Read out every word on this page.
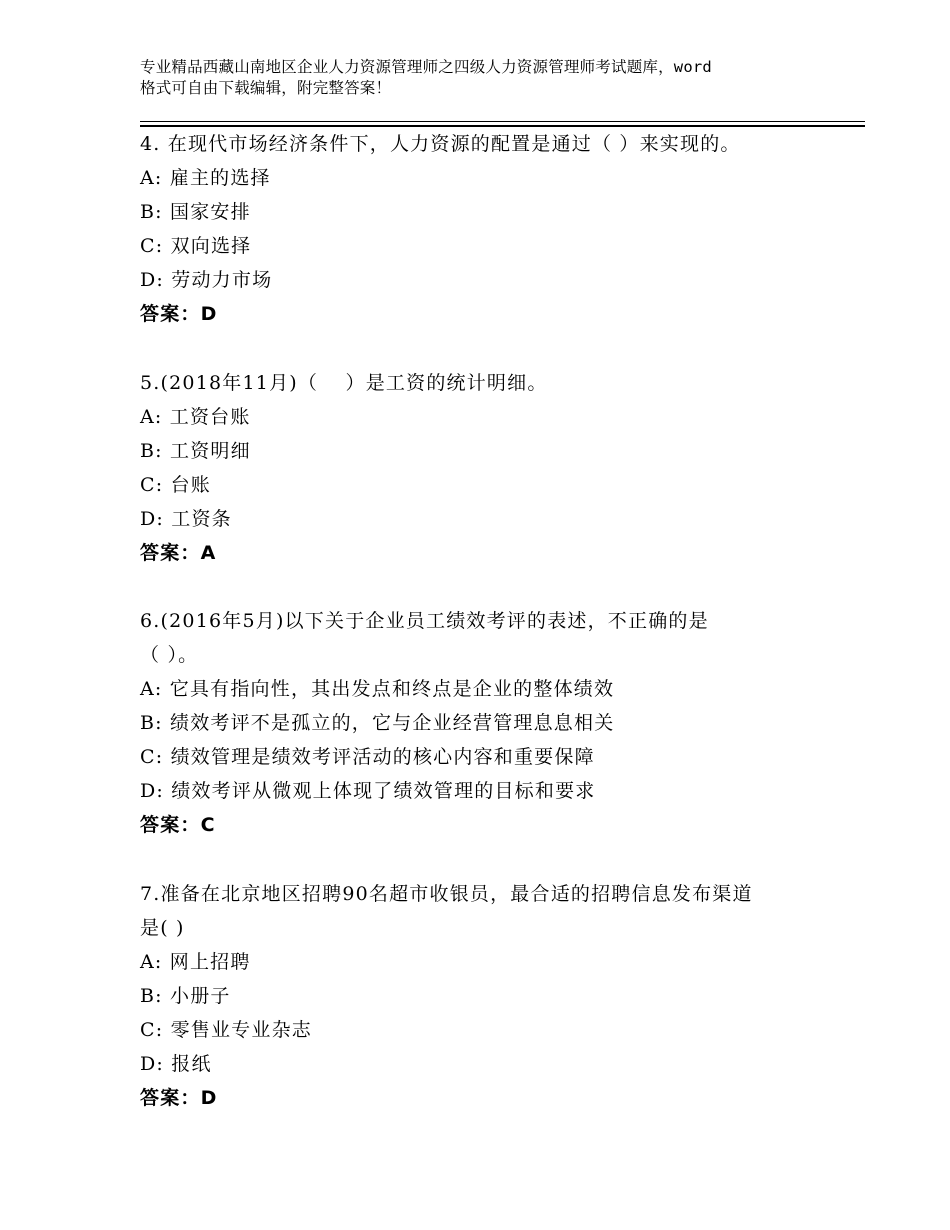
专业精品西藏山南地区企业人力资源管理师之四级人力资源管理师考试题库，word
格式可自由下载编辑，附完整答案！
4. 在现代市场经济条件下，人力资源的配置是通过（ ）来实现的。
A: 雇主的选择
B: 国家安排
C: 双向选择
D: 劳动力市场
答案：D
5.(2018年11月)（　 ）是工资的统计明细。
A: 工资台账
B: 工资明细
C: 台账
D: 工资条
答案：A
6.(2016年5月)以下关于企业员工绩效考评的表述，不正确的是
（ ）。
A: 它具有指向性，其出发点和终点是企业的整体绩效
B: 绩效考评不是孤立的，它与企业经营管理息息相关
C: 绩效管理是绩效考评活动的核心内容和重要保障
D: 绩效考评从微观上体现了绩效管理的目标和要求
答案：C
7.准备在北京地区招聘90名超市收银员，最合适的招聘信息发布渠道
是( )
A: 网上招聘
B: 小册子
C: 零售业专业杂志
D: 报纸
答案：D
